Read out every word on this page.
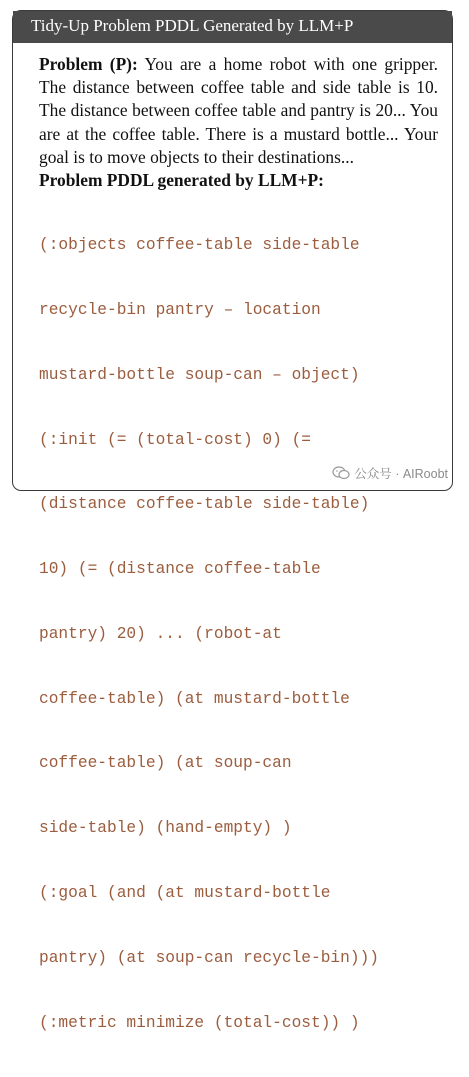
Tidy-Up Problem PDDL Generated by LLM+P

Problem (P): You are a home robot with one gripper. The distance between coffee table and side table is 10. The distance between coffee table and pantry is 20... You are at the coffee table. There is a mustard bottle... Your goal is to move objects to their destinations...

Problem PDDL generated by LLM+P:

(:objects coffee-table side-table

recycle-bin pantry – location

mustard-bottle soup-can – object)

(:init (= (total-cost) 0) (=

(distance coffee-table side-table)

10) (= (distance coffee-table

pantry) 20) ... (robot-at

coffee-table) (at mustard-bottle

coffee-table) (at soup-can

side-table) (hand-empty) )

(:goal (and (at mustard-bottle

pantry) (at soup-can recycle-bin)))

(:metric minimize (total-cost)) )

公众号 · AIRoobt
